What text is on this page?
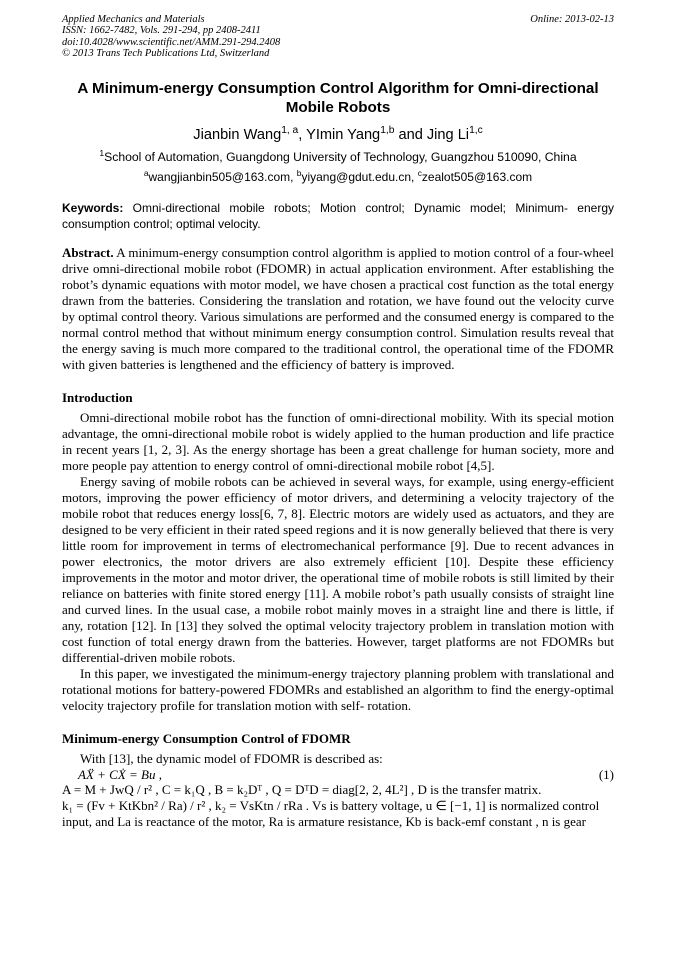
Applied Mechanics and Materials
ISSN: 1662-7482, Vols. 291-294, pp 2408-2411
doi:10.4028/www.scientific.net/AMM.291-294.2408
© 2013 Trans Tech Publications Ltd, Switzerland
Online: 2013-02-13
A Minimum-energy Consumption Control Algorithm for Omni-directional Mobile Robots
Jianbin Wang$^{1, a}$, YImin Yang$^{1,b}$ and Jing Li$^{1,c}$
$^1$School of Automation, Guangdong University of Technology, Guangzhou 510090, China
$^a$wangjianbin505@163.com, $^b$yiyang@gdut.edu.cn, $^c$zealot505@163.com
Keywords: Omni-directional mobile robots; Motion control; Dynamic model; Minimum- energy consumption control; optimal velocity.
Abstract. A minimum-energy consumption control algorithm is applied to motion control of a four-wheel drive omni-directional mobile robot (FDOMR) in actual application environment. After establishing the robot’s dynamic equations with motor model, we have chosen a practical cost function as the total energy drawn from the batteries. Considering the translation and rotation, we have found out the velocity curve by optimal control theory. Various simulations are performed and the consumed energy is compared to the normal control method that without minimum energy consumption control. Simulation results reveal that the energy saving is much more compared to the traditional control, the operational time of the FDOMR with given batteries is lengthened and the efficiency of battery is improved.
Introduction

Omni-directional mobile robot has the function of omni-directional mobility. With its special motion advantage, the omni-directional mobile robot is widely applied to the human production and life practice in recent years [1, 2, 3]. As the energy shortage has been a great challenge for human society, more and more people pay attention to energy control of omni-directional mobile robot [4,5].

Energy saving of mobile robots can be achieved in several ways, for example, using energy-efficient motors, improving the power efficiency of motor drivers, and determining a velocity trajectory of the mobile robot that reduces energy loss[6, 7, 8]. Electric motors are widely used as actuators, and they are designed to be very efficient in their rated speed regions and it is now generally believed that there is very little room for improvement in terms of electromechanical performance [9]. Due to recent advances in power electronics, the motor drivers are also extremely efficient [10]. Despite these efficiency improvements in the motor and motor driver, the operational time of mobile robots is still limited by their reliance on batteries with finite stored energy [11]. A mobile robot’s path usually consists of straight line and curved lines. In the usual case, a mobile robot mainly moves in a straight line and there is little, if any, rotation [12]. In [13] they solved the optimal velocity trajectory problem in translation motion with cost function of total energy drawn from the batteries. However, target platforms are not FDOMRs but differential-driven mobile robots.

In this paper, we investigated the minimum-energy trajectory planning problem with translational and rotational motions for battery-powered FDOMRs and established an algorithm to find the energy-optimal velocity trajectory profile for translation motion with self- rotation.

Minimum-energy Consumption Control of FDOMR

With [13], the dynamic model of FDOMR is described as:

AẌ + CẊ = Bu ,	(1)
A = M + JwQ / r² , C = k₁Q , B = k₂Dᵀ , Q = DᵀD = diag[2, 2, 4L²] , D is the transfer matrix.
k₁ = (Fv + KtKbn² / Ra) / r² , k₂ = VsKtn / rRa . Vs is battery voltage, u ∈ [−1, 1] is normalized control
input, and La is reactance of the motor, Ra is armature resistance, Kb is back-emf constant , n is gear
